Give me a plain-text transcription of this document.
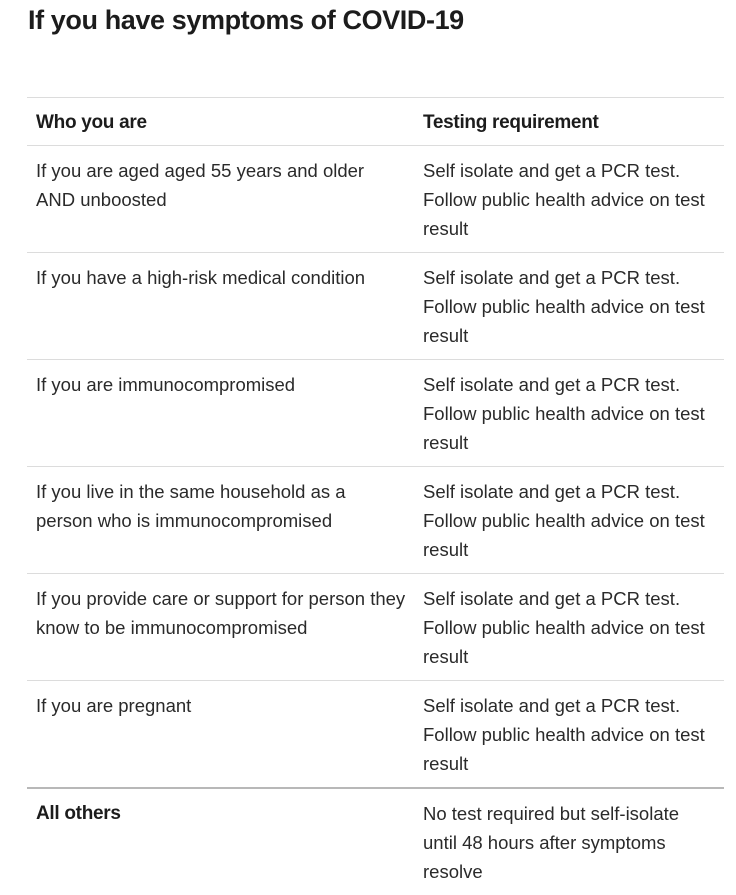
If you have symptoms of COVID-19
Who you are	Testing requirement
If you are aged aged 55 years and older AND unboosted	Self isolate and get a PCR test. Follow public health advice on test result
If you have a high-risk medical condition	Self isolate and get a PCR test. Follow public health advice on test result
If you are immunocompromised	Self isolate and get a PCR test. Follow public health advice on test result
If you live in the same household as a person who is immunocompromised	Self isolate and get a PCR test. Follow public health advice on test result
If you provide care or support for person they know to be immunocompromised	Self isolate and get a PCR test. Follow public health advice on test result
If you are pregnant	Self isolate and get a PCR test. Follow public health advice on test result
All others	No test required but self-isolate until 48 hours after symptoms resolve
